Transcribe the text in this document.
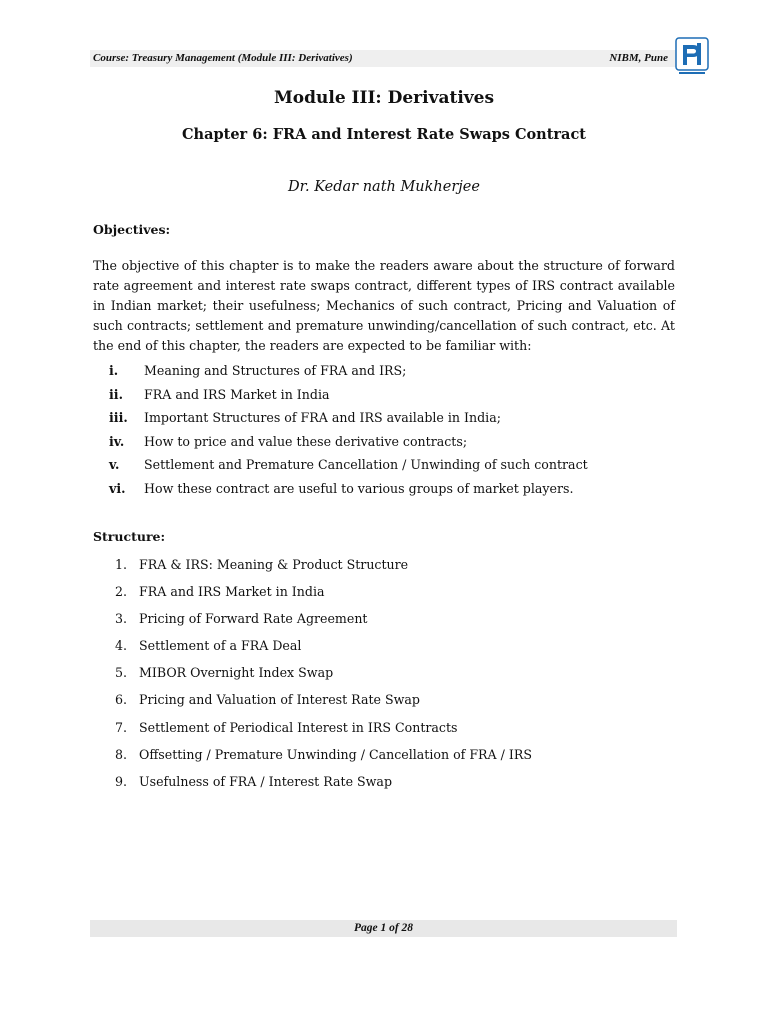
Course: Treasury Management (Module III: Derivatives)	NIBM, Pune
Module III: Derivatives
Chapter 6: FRA and Interest Rate Swaps Contract
Dr. Kedar nath Mukherjee
Objectives:
The objective of this chapter is to make the readers aware about the structure of forward rate agreement and interest rate swaps contract, different types of IRS contract available in Indian market; their usefulness; Mechanics of such contract, Pricing and Valuation of such contracts; settlement and premature unwinding/cancellation of such contract, etc. At the end of this chapter, the readers are expected to be familiar with:
i. Meaning and Structures of FRA and IRS;
ii. FRA and IRS Market in India
iii. Important Structures of FRA and IRS available in India;
iv. How to price and value these derivative contracts;
v. Settlement and Premature Cancellation / Unwinding of such contract
vi. How these contract are useful to various groups of market players.
Structure:
1. FRA & IRS: Meaning & Product Structure
2. FRA and IRS Market in India
3. Pricing of Forward Rate Agreement
4. Settlement of a FRA Deal
5. MIBOR Overnight Index Swap
6. Pricing and Valuation of Interest Rate Swap
7. Settlement of Periodical Interest in IRS Contracts
8. Offsetting / Premature Unwinding / Cancellation of FRA / IRS
9. Usefulness of FRA / Interest Rate Swap
Page 1 of 28
